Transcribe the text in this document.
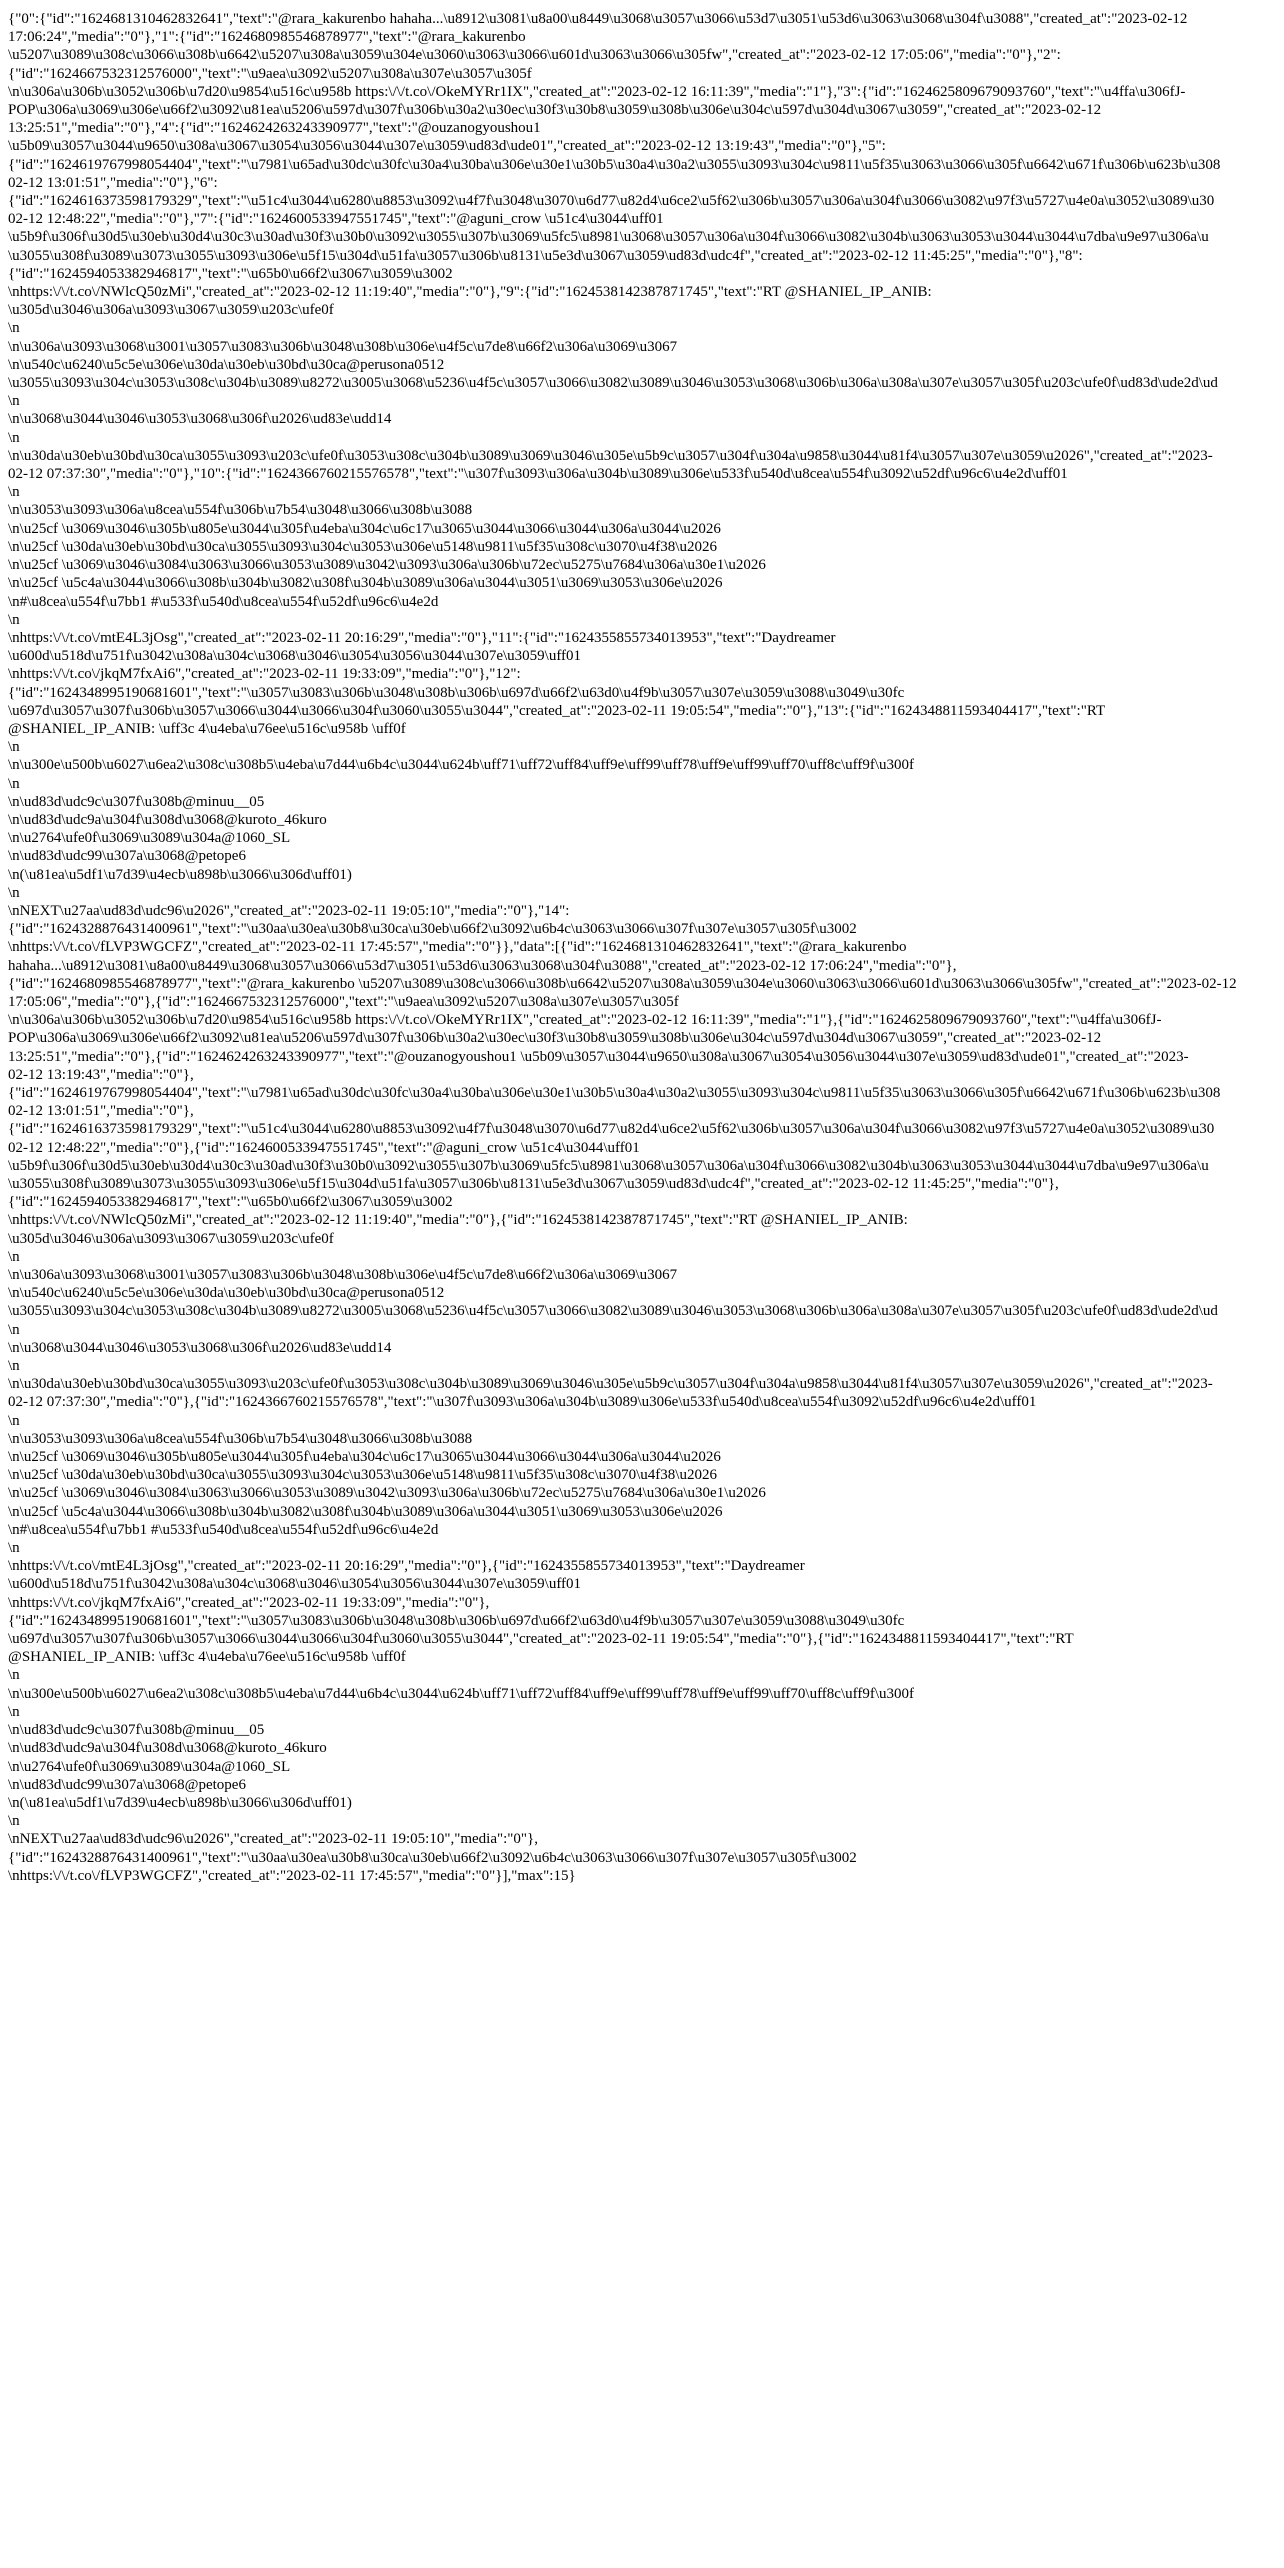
{"0":{"id":"1624681310462832641","text":"@rara_kakurenbo hahaha...\u8912\u3081\u8a00\u8449\u3068\u3057\u3066\u53d7\u3051\u53d6\u3063\u3068\u304f\u3088","created_at":"2023-02-12
17:06:24","media":"0"},"1":{"id":"1624680985546878977","text":"@rara_kakurenbo
\u5207\u3089\u308c\u3066\u308b\u6642\u5207\u308a\u3059\u304e\u3060\u3063\u3066\u601d\u3063\u3066\u305fw","created_at":"2023-02-12 17:05:06","media":"0"},"2":
{"id":"1624667532312576000","text":"\u9aea\u3092\u5207\u308a\u307e\u3057\u305f
\n\u306a\u306b\u3052\u306b\u7d20\u9854\u516c\u958b https:\/\/t.co\/OkeMYRr1IX","created_at":"2023-02-12 16:11:39","media":"1"},"3":{"id":"1624625809679093760","text":"\u4ffa\u306fJ-
POP\u306a\u3069\u306e\u66f2\u3092\u81ea\u5206\u597d\u307f\u306b\u30a2\u30ec\u30f3\u30b8\u3059\u308b\u306e\u304c\u597d\u304d\u3067\u3059","created_at":"2023-02-12
13:25:51","media":"0"},"4":{"id":"1624624263243390977","text":"@ouzanogyoushou1
\u5b09\u3057\u3044\u9650\u308a\u3067\u3054\u3056\u3044\u307e\u3059\ud83d\ude01","created_at":"2023-02-12 13:19:43","media":"0"},"5":
{"id":"1624619767998054404","text":"\u7981\u65ad\u30dc\u30fc\u30a4\u30ba\u306e\u30e1\u30b5\u30a4\u30a2\u3055\u3093\u304c\u9811\u5f35\u3063\u3066\u305f\u6642\u671f\u306b\u623b\u308
02-12 13:01:51","media":"0"},"6":
{"id":"1624616373598179329","text":"\u51c4\u3044\u6280\u8853\u3092\u4f7f\u3048\u3070\u6d77\u82d4\u6ce2\u5f62\u306b\u3057\u306a\u304f\u3066\u3082\u97f3\u5727\u4e0a\u3052\u3089\u30
02-12 12:48:22","media":"0"},"7":{"id":"1624600533947551745","text":"@aguni_crow \u51c4\u3044\uff01
\u5b9f\u306f\u30d5\u30eb\u30d4\u30c3\u30ad\u30f3\u30b0\u3092\u3055\u307b\u3069\u5fc5\u8981\u3068\u3057\u306a\u304f\u3066\u3082\u304b\u3063\u3053\u3044\u3044\u7dba\u9e97\u306a\u
\u3055\u308f\u3089\u3073\u3055\u3093\u306e\u5f15\u304d\u51fa\u3057\u306b\u8131\u5e3d\u3067\u3059\ud83d\udc4f","created_at":"2023-02-12 11:45:25","media":"0"},"8":
{"id":"1624594053382946817","text":"\u65b0\u66f2\u3067\u3059\u3002
\nhttps:\/\/t.co\/NWlcQ50zMi","created_at":"2023-02-12 11:19:40","media":"0"},"9":{"id":"1624538142387871745","text":"RT @SHANIEL_IP_ANIB:
\u305d\u3046\u306a\u3093\u3067\u3059\u203c\ufe0f
\n
\n\u306a\u3093\u3068\u3001\u3057\u3083\u306b\u3048\u308b\u306e\u4f5c\u7de8\u66f2\u306a\u3069\u3067
\n\u540c\u6240\u5c5e\u306e\u30da\u30eb\u30bd\u30ca@perusona0512
\u3055\u3093\u304c\u3053\u308c\u304b\u3089\u8272\u3005\u3068\u5236\u4f5c\u3057\u3066\u3082\u3089\u3046\u3053\u3068\u306b\u306a\u308a\u307e\u3057\u305f\u203c\ufe0f\ud83d\ude2d\ud
\n
\n\u3068\u3044\u3046\u3053\u3068\u306f\u2026\ud83e\udd14
\n
\n\u30da\u30eb\u30bd\u30ca\u3055\u3093\u203c\ufe0f\u3053\u308c\u304b\u3089\u3069\u3046\u305e\u5b9c\u3057\u304f\u304a\u9858\u3044\u81f4\u3057\u307e\u3059\u2026","created_at":"2023-
02-12 07:37:30","media":"0"},"10":{"id":"1624366760215576578","text":"\u307f\u3093\u306a\u304b\u3089\u306e\u533f\u540d\u8cea\u554f\u3092\u52df\u96c6\u4e2d\uff01
\n
\n\u3053\u3093\u306a\u8cea\u554f\u306b\u7b54\u3048\u3066\u308b\u3088
\n\u25cf \u3069\u3046\u305b\u805e\u3044\u305f\u4eba\u304c\u6c17\u3065\u3044\u3066\u3044\u306a\u3044\u2026
\n\u25cf \u30da\u30eb\u30bd\u30ca\u3055\u3093\u304c\u3053\u306e\u5148\u9811\u5f35\u308c\u3070\u4f38\u2026
\n\u25cf \u3069\u3046\u3084\u3063\u3066\u3053\u3089\u3042\u3093\u306a\u306b\u72ec\u5275\u7684\u306a\u30e1\u2026
\n\u25cf \u5c4a\u3044\u3066\u308b\u304b\u3082\u308f\u304b\u3089\u306a\u3044\u3051\u3069\u3053\u306e\u2026
\n#\u8cea\u554f\u7bb1 #\u533f\u540d\u8cea\u554f\u52df\u96c6\u4e2d
\n
\nhttps:\/\/t.co\/mtE4L3jOsg","created_at":"2023-02-11 20:16:29","media":"0"},"11":{"id":"1624355855734013953","text":"Daydreamer
\u600d\u518d\u751f\u3042\u308a\u304c\u3068\u3046\u3054\u3056\u3044\u307e\u3059\uff01
\nhttps:\/\/t.co\/jkqM7fxAi6","created_at":"2023-02-11 19:33:09","media":"0"},"12":
{"id":"1624348995190681601","text":"\u3057\u3083\u306b\u3048\u308b\u306b\u697d\u66f2\u63d0\u4f9b\u3057\u307e\u3059\u3088\u3049\u30fc
\u697d\u3057\u307f\u306b\u3057\u3066\u3044\u3066\u304f\u3060\u3055\u3044","created_at":"2023-02-11 19:05:54","media":"0"},"13":{"id":"1624348811593404417","text":"RT
@SHANIEL_IP_ANIB: \uff3c 4\u4eba\u76ee\u516c\u958b \uff0f
\n
\n\u300e\u500b\u6027\u6ea2\u308c\u308b5\u4eba\u7d44\u6b4c\u3044\u624b\uff71\uff72\uff84\uff9e\uff99\uff78\uff9e\uff99\uff70\uff8c\uff9f\u300f
\n
\n\ud83d\udc9c\u307f\u308b@minuu__05
\n\ud83d\udc9a\u304f\u308d\u3068@kuroto_46kuro
\n\u2764\ufe0f\u3069\u3089\u304a@1060_SL
\n\ud83d\udc99\u307a\u3068@petope6
\n(\u81ea\u5df1\u7d39\u4ecb\u898b\u3066\u306d\uff01)
\n
\nNEXT\u27aa\ud83d\udc96\u2026","created_at":"2023-02-11 19:05:10","media":"0"},"14":
{"id":"1624328876431400961","text":"\u30aa\u30ea\u30b8\u30ca\u30eb\u66f2\u3092\u6b4c\u3063\u3066\u307f\u307e\u3057\u305f\u3002
\nhttps:\/\/t.co\/fLVP3WGCFZ","created_at":"2023-02-11 17:45:57","media":"0"}},"data":[{"id":"1624681310462832641","text":"@rara_kakurenbo
hahaha...\u8912\u3081\u8a00\u8449\u3068\u3057\u3066\u53d7\u3051\u53d6\u3063\u3068\u304f\u3088","created_at":"2023-02-12 17:06:24","media":"0"},
{"id":"1624680985546878977","text":"@rara_kakurenbo \u5207\u3089\u308c\u3066\u308b\u6642\u5207\u308a\u3059\u304e\u3060\u3063\u3066\u601d\u3063\u3066\u305fw","created_at":"2023-02-12
17:05:06","media":"0"},{"id":"1624667532312576000","text":"\u9aea\u3092\u5207\u308a\u307e\u3057\u305f
\n\u306a\u306b\u3052\u306b\u7d20\u9854\u516c\u958b https:\/\/t.co\/OkeMYRr1IX","created_at":"2023-02-12 16:11:39","media":"1"},{"id":"1624625809679093760","text":"\u4ffa\u306fJ-
POP\u306a\u3069\u306e\u66f2\u3092\u81ea\u5206\u597d\u307f\u306b\u30a2\u30ec\u30f3\u30b8\u3059\u308b\u306e\u304c\u597d\u304d\u3067\u3059","created_at":"2023-02-12
13:25:51","media":"0"},{"id":"1624624263243390977","text":"@ouzanogyoushou1 \u5b09\u3057\u3044\u9650\u308a\u3067\u3054\u3056\u3044\u307e\u3059\ud83d\ude01","created_at":"2023-
02-12 13:19:43","media":"0"},
{"id":"1624619767998054404","text":"\u7981\u65ad\u30dc\u30fc\u30a4\u30ba\u306e\u30e1\u30b5\u30a4\u30a2\u3055\u3093\u304c\u9811\u5f35\u3063\u3066\u305f\u6642\u671f\u306b\u623b\u308
02-12 13:01:51","media":"0"},
{"id":"1624616373598179329","text":"\u51c4\u3044\u6280\u8853\u3092\u4f7f\u3048\u3070\u6d77\u82d4\u6ce2\u5f62\u306b\u3057\u306a\u304f\u3066\u3082\u97f3\u5727\u4e0a\u3052\u3089\u30
02-12 12:48:22","media":"0"},{"id":"1624600533947551745","text":"@aguni_crow \u51c4\u3044\uff01
\u5b9f\u306f\u30d5\u30eb\u30d4\u30c3\u30ad\u30f3\u30b0\u3092\u3055\u307b\u3069\u5fc5\u8981\u3068\u3057\u306a\u304f\u3066\u3082\u304b\u3063\u3053\u3044\u3044\u7dba\u9e97\u306a\u
\u3055\u308f\u3089\u3073\u3055\u3093\u306e\u5f15\u304d\u51fa\u3057\u306b\u8131\u5e3d\u3067\u3059\ud83d\udc4f","created_at":"2023-02-12 11:45:25","media":"0"},
{"id":"1624594053382946817","text":"\u65b0\u66f2\u3067\u3059\u3002
\nhttps:\/\/t.co\/NWlcQ50zMi","created_at":"2023-02-12 11:19:40","media":"0"},{"id":"1624538142387871745","text":"RT @SHANIEL_IP_ANIB:
\u305d\u3046\u306a\u3093\u3067\u3059\u203c\ufe0f
\n
\n\u306a\u3093\u3068\u3001\u3057\u3083\u306b\u3048\u308b\u306e\u4f5c\u7de8\u66f2\u306a\u3069\u3067
\n\u540c\u6240\u5c5e\u306e\u30da\u30eb\u30bd\u30ca@perusona0512
\u3055\u3093\u304c\u3053\u308c\u304b\u3089\u8272\u3005\u3068\u5236\u4f5c\u3057\u3066\u3082\u3089\u3046\u3053\u3068\u306b\u306a\u308a\u307e\u3057\u305f\u203c\ufe0f\ud83d\ude2d\ud
\n
\n\u3068\u3044\u3046\u3053\u3068\u306f\u2026\ud83e\udd14
\n
\n\u30da\u30eb\u30bd\u30ca\u3055\u3093\u203c\ufe0f\u3053\u308c\u304b\u3089\u3069\u3046\u305e\u5b9c\u3057\u304f\u304a\u9858\u3044\u81f4\u3057\u307e\u3059\u2026","created_at":"2023-
02-12 07:37:30","media":"0"},{"id":"1624366760215576578","text":"\u307f\u3093\u306a\u304b\u3089\u306e\u533f\u540d\u8cea\u554f\u3092\u52df\u96c6\u4e2d\uff01
\n
\n\u3053\u3093\u306a\u8cea\u554f\u306b\u7b54\u3048\u3066\u308b\u3088
\n\u25cf \u3069\u3046\u305b\u805e\u3044\u305f\u4eba\u304c\u6c17\u3065\u3044\u3066\u3044\u306a\u3044\u2026
\n\u25cf \u30da\u30eb\u30bd\u30ca\u3055\u3093\u304c\u3053\u306e\u5148\u9811\u5f35\u308c\u3070\u4f38\u2026
\n\u25cf \u3069\u3046\u3084\u3063\u3066\u3053\u3089\u3042\u3093\u306a\u306b\u72ec\u5275\u7684\u306a\u30e1\u2026
\n\u25cf \u5c4a\u3044\u3066\u308b\u304b\u3082\u308f\u304b\u3089\u306a\u3044\u3051\u3069\u3053\u306e\u2026
\n#\u8cea\u554f\u7bb1 #\u533f\u540d\u8cea\u554f\u52df\u96c6\u4e2d
\n
\nhttps:\/\/t.co\/mtE4L3jOsg","created_at":"2023-02-11 20:16:29","media":"0"},{"id":"1624355855734013953","text":"Daydreamer
\u600d\u518d\u751f\u3042\u308a\u304c\u3068\u3046\u3054\u3056\u3044\u307e\u3059\uff01
\nhttps:\/\/t.co\/jkqM7fxAi6","created_at":"2023-02-11 19:33:09","media":"0"},
{"id":"1624348995190681601","text":"\u3057\u3083\u306b\u3048\u308b\u306b\u697d\u66f2\u63d0\u4f9b\u3057\u307e\u3059\u3088\u3049\u30fc
\u697d\u3057\u307f\u306b\u3057\u3066\u3044\u3066\u304f\u3060\u3055\u3044","created_at":"2023-02-11 19:05:54","media":"0"},{"id":"1624348811593404417","text":"RT
@SHANIEL_IP_ANIB: \uff3c 4\u4eba\u76ee\u516c\u958b \uff0f
\n
\n\u300e\u500b\u6027\u6ea2\u308c\u308b5\u4eba\u7d44\u6b4c\u3044\u624b\uff71\uff72\uff84\uff9e\uff99\uff78\uff9e\uff99\uff70\uff8c\uff9f\u300f
\n
\n\ud83d\udc9c\u307f\u308b@minuu__05
\n\ud83d\udc9a\u304f\u308d\u3068@kuroto_46kuro
\n\u2764\ufe0f\u3069\u3089\u304a@1060_SL
\n\ud83d\udc99\u307a\u3068@petope6
\n(\u81ea\u5df1\u7d39\u4ecb\u898b\u3066\u306d\uff01)
\n
\nNEXT\u27aa\ud83d\udc96\u2026","created_at":"2023-02-11 19:05:10","media":"0"},
{"id":"1624328876431400961","text":"\u30aa\u30ea\u30b8\u30ca\u30eb\u66f2\u3092\u6b4c\u3063\u3066\u307f\u307e\u3057\u305f\u3002
\nhttps:\/\/t.co\/fLVP3WGCFZ","created_at":"2023-02-11 17:45:57","media":"0"}],"max":15}
